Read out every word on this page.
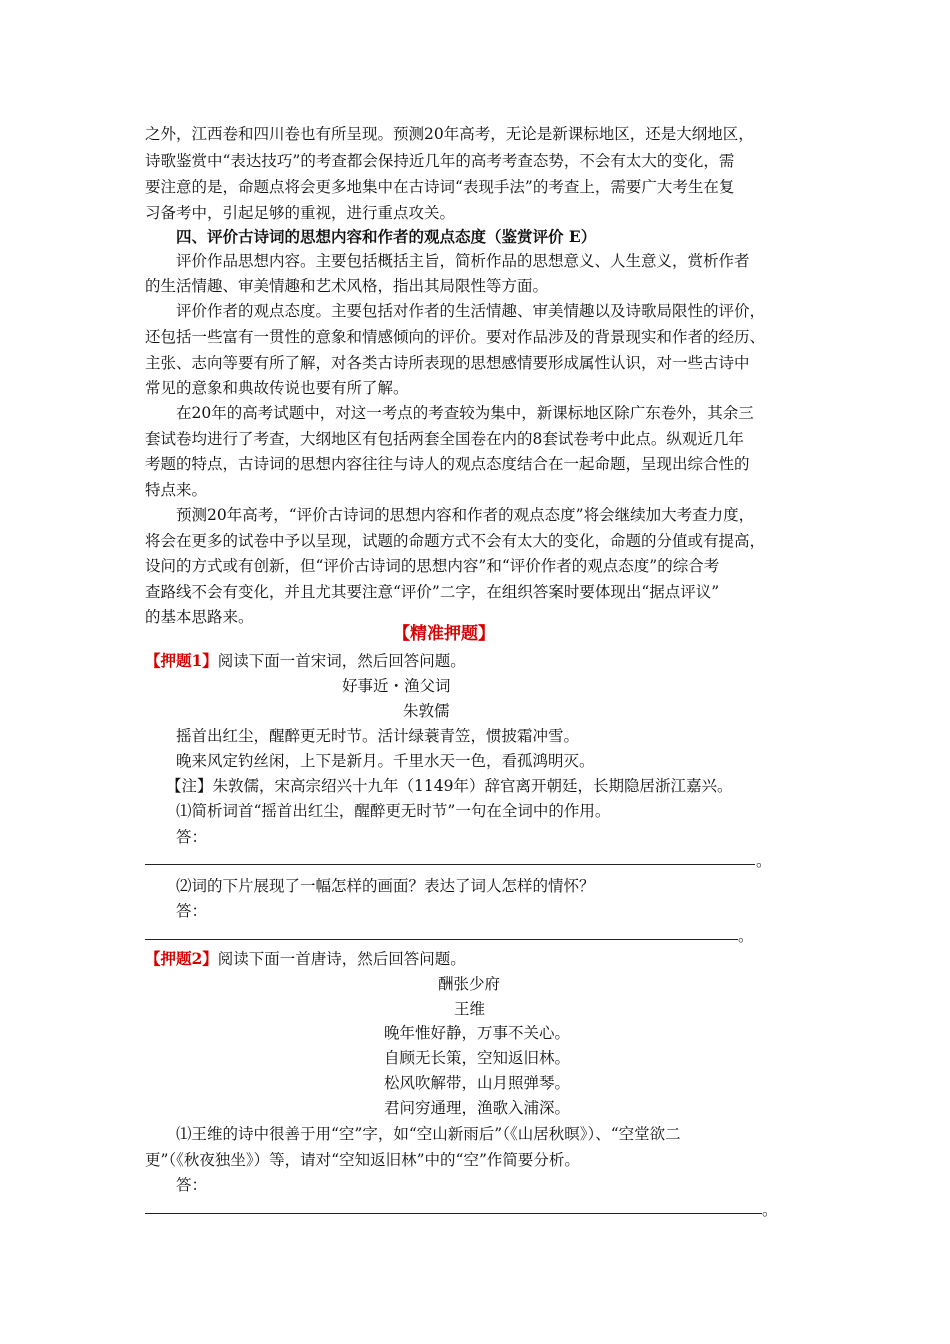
之外，江西卷和四川卷也有所呈现。预测20年高考，无论是新课标地区，还是大纲地区，
诗歌鉴赏中“表达技巧”的考查都会保持近几年的高考考查态势，不会有太大的变化，需
要注意的是，命题点将会更多地集中在古诗词“表现手法”的考查上，需要广大考生在复
习备考中，引起足够的重视，进行重点攻关。
四、评价古诗词的思想内容和作者的观点态度（鉴赏评价 E）
评价作品思想内容。主要包括概括主旨，简析作品的思想意义、人生意义，赏析作者
的生活情趣、审美情趣和艺术风格，指出其局限性等方面。
评价作者的观点态度。主要包括对作者的生活情趣、审美情趣以及诗歌局限性的评价，
还包括一些富有一贯性的意象和情感倾向的评价。要对作品涉及的背景现实和作者的经历、
主张、志向等要有所了解，对各类古诗所表现的思想感情要形成属性认识，对一些古诗中
常见的意象和典故传说也要有所了解。
在20年的高考试题中，对这一考点的考查较为集中，新课标地区除广东卷外，其余三
套试卷均进行了考查，大纲地区有包括两套全国卷在内的8套试卷考中此点。纵观近几年
考题的特点，古诗词的思想内容往往与诗人的观点态度结合在一起命题，呈现出综合性的
特点来。
预测20年高考，“评价古诗词的思想内容和作者的观点态度”将会继续加大考查力度，
将会在更多的试卷中予以呈现，试题的命题方式不会有太大的变化，命题的分值或有提高，
设问的方式或有创新，但“评价古诗词的思想内容”和“评价作者的观点态度”的综合考
查路线不会有变化，并且尤其要注意“评价”二字，在组织答案时要体现出“据点评议”
的基本思路来。
【精准押题】
【押题1】阅读下面一首宋词，然后回答问题。
好事近・渔父词
朱敦儒
摇首出红尘，醒醉更无时节。活计绿蓑青笠，惯披霜冲雪。
晚来风定钓丝闲，上下是新月。千里水天一色，看孤鸿明灭。
【注】朱敦儒，宋高宗绍兴十九年（1149年）辞官离开朝廷，长期隐居浙江嘉兴。
⑴简析词首“摇首出红尘，醒醉更无时节”一句在全词中的作用。
答：
。
⑵词的下片展现了一幅怎样的画面？表达了词人怎样的情怀？
答：
。
【押题2】阅读下面一首唐诗，然后回答问题。
酬张少府
王维
晚年惟好静，万事不关心。
自顾无长策，空知返旧林。
松风吹解带，山月照弹琴。
君问穷通理，渔歌入浦深。
⑴王维的诗中很善于用“空”字，如“空山新雨后”（《山居秋暝》）、“空堂欲二
更”（《秋夜独坐》）等，请对“空知返旧林”中的“空”作简要分析。
答：
。
